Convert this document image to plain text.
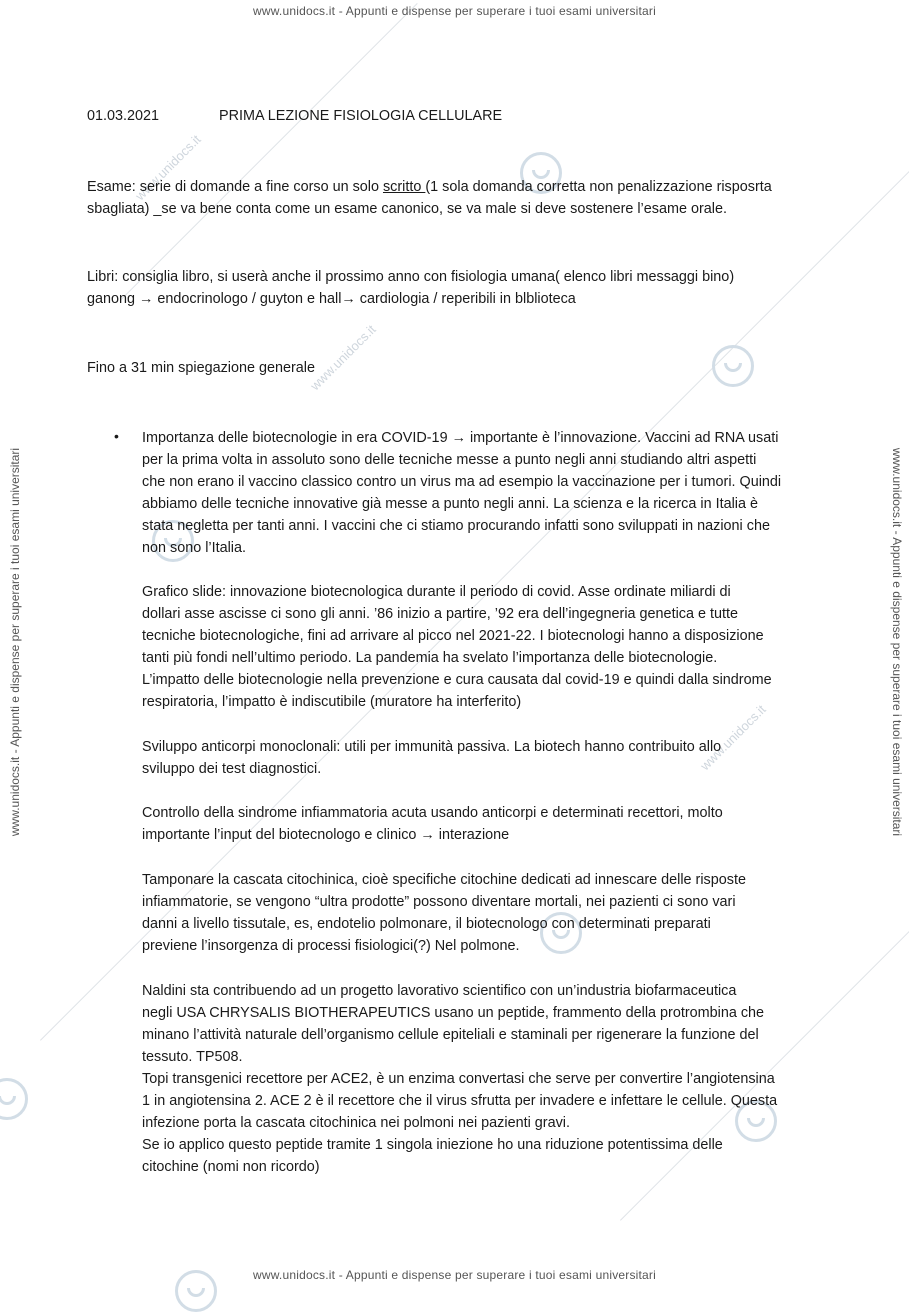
www.unidocs.it
www.unidocs.it
www.unidocs.it
www.unidocs.it - Appunti e dispense per superare i tuoi esami universitari
www.unidocs.it - Appunti e dispense per superare i tuoi esami universitari
www.unidocs.it - Appunti e dispense per superare i tuoi esami universitari	www.unidocs.it - Appunti e dispense per superare i tuoi esami universitari
01.03.2021	PRIMA LEZIONE FISIOLOGIA CELLULARE
Esame: serie di domande a fine corso un solo scritto (1 sola domanda corretta non penalizzazione risposrta
sbagliata) _se va bene conta come un esame canonico, se va male si deve sostenere l’esame orale.
Libri: consiglia libro, si userà anche il prossimo anno con fisiologia umana( elenco libri messaggi bino)
ganong → endocrinologo / guyton e hall→ cardiologia / reperibili in blblioteca
Fino a 31 min spiegazione generale
• Importanza delle biotecnologie in era COVID-19 → importante è l’innovazione. Vaccini ad RNA usati
per la prima volta in assoluto sono delle tecniche messe a punto negli anni studiando altri aspetti
che non erano il vaccino classico contro un virus ma ad esempio la vaccinazione per i tumori. Quindi
abbiamo delle tecniche innovative già messe a punto negli anni. La scienza e la ricerca in Italia è
stata negletta per tanti anni. I vaccini che ci stiamo procurando infatti sono sviluppati in nazioni che
non sono l’Italia.
Grafico slide: innovazione biotecnologica durante il periodo di covid. Asse ordinate miliardi di
dollari asse ascisse ci sono gli anni. ’86 inizio a partire, ’92 era dell’ingegneria genetica e tutte
tecniche biotecnologiche, fini ad arrivare al picco nel 2021-22. I biotecnologi hanno a disposizione
tanti più fondi nell’ultimo periodo. La pandemia ha svelato l’importanza delle biotecnologie.
L’impatto delle biotecnologie nella prevenzione e cura causata dal covid-19 e quindi dalla sindrome
respiratoria, l’impatto è indiscutibile (muratore ha interferito)
Sviluppo anticorpi monoclonali: utili per immunità passiva. La biotech hanno contribuito allo
sviluppo dei test diagnostici.
Controllo della sindrome infiammatoria acuta usando anticorpi e determinati recettori, molto
importante l’input del biotecnologo e clinico → interazione
Tamponare la cascata citochinica, cioè specifiche citochine dedicati ad innescare delle risposte
infiammatorie, se vengono “ultra prodotte” possono diventare mortali, nei pazienti ci sono vari
danni a livello tissutale, es, endotelio polmonare, il biotecnologo con determinati preparati
previene l’insorgenza di processi fisiologici(?) Nel polmone.
Naldini sta contribuendo ad un progetto lavorativo scientifico con un’industria biofarmaceutica
negli USA CHRYSALIS BIOTHERAPEUTICS usano un peptide, frammento della protrombina che
minano l’attività naturale dell’organismo cellule epiteliali e staminali per rigenerare la funzione del
tessuto. TP508.
Topi transgenici recettore per ACE2, è un enzima convertasi che serve per convertire l’angiotensina
1 in angiotensina 2. ACE 2 è il recettore che il virus sfrutta per invadere e infettare le cellule. Questa
infezione porta la cascata citochinica nei polmoni nei pazienti gravi.
Se io applico questo peptide tramite 1 singola iniezione ho una riduzione potentissima delle
citochine (nomi non ricordo)
